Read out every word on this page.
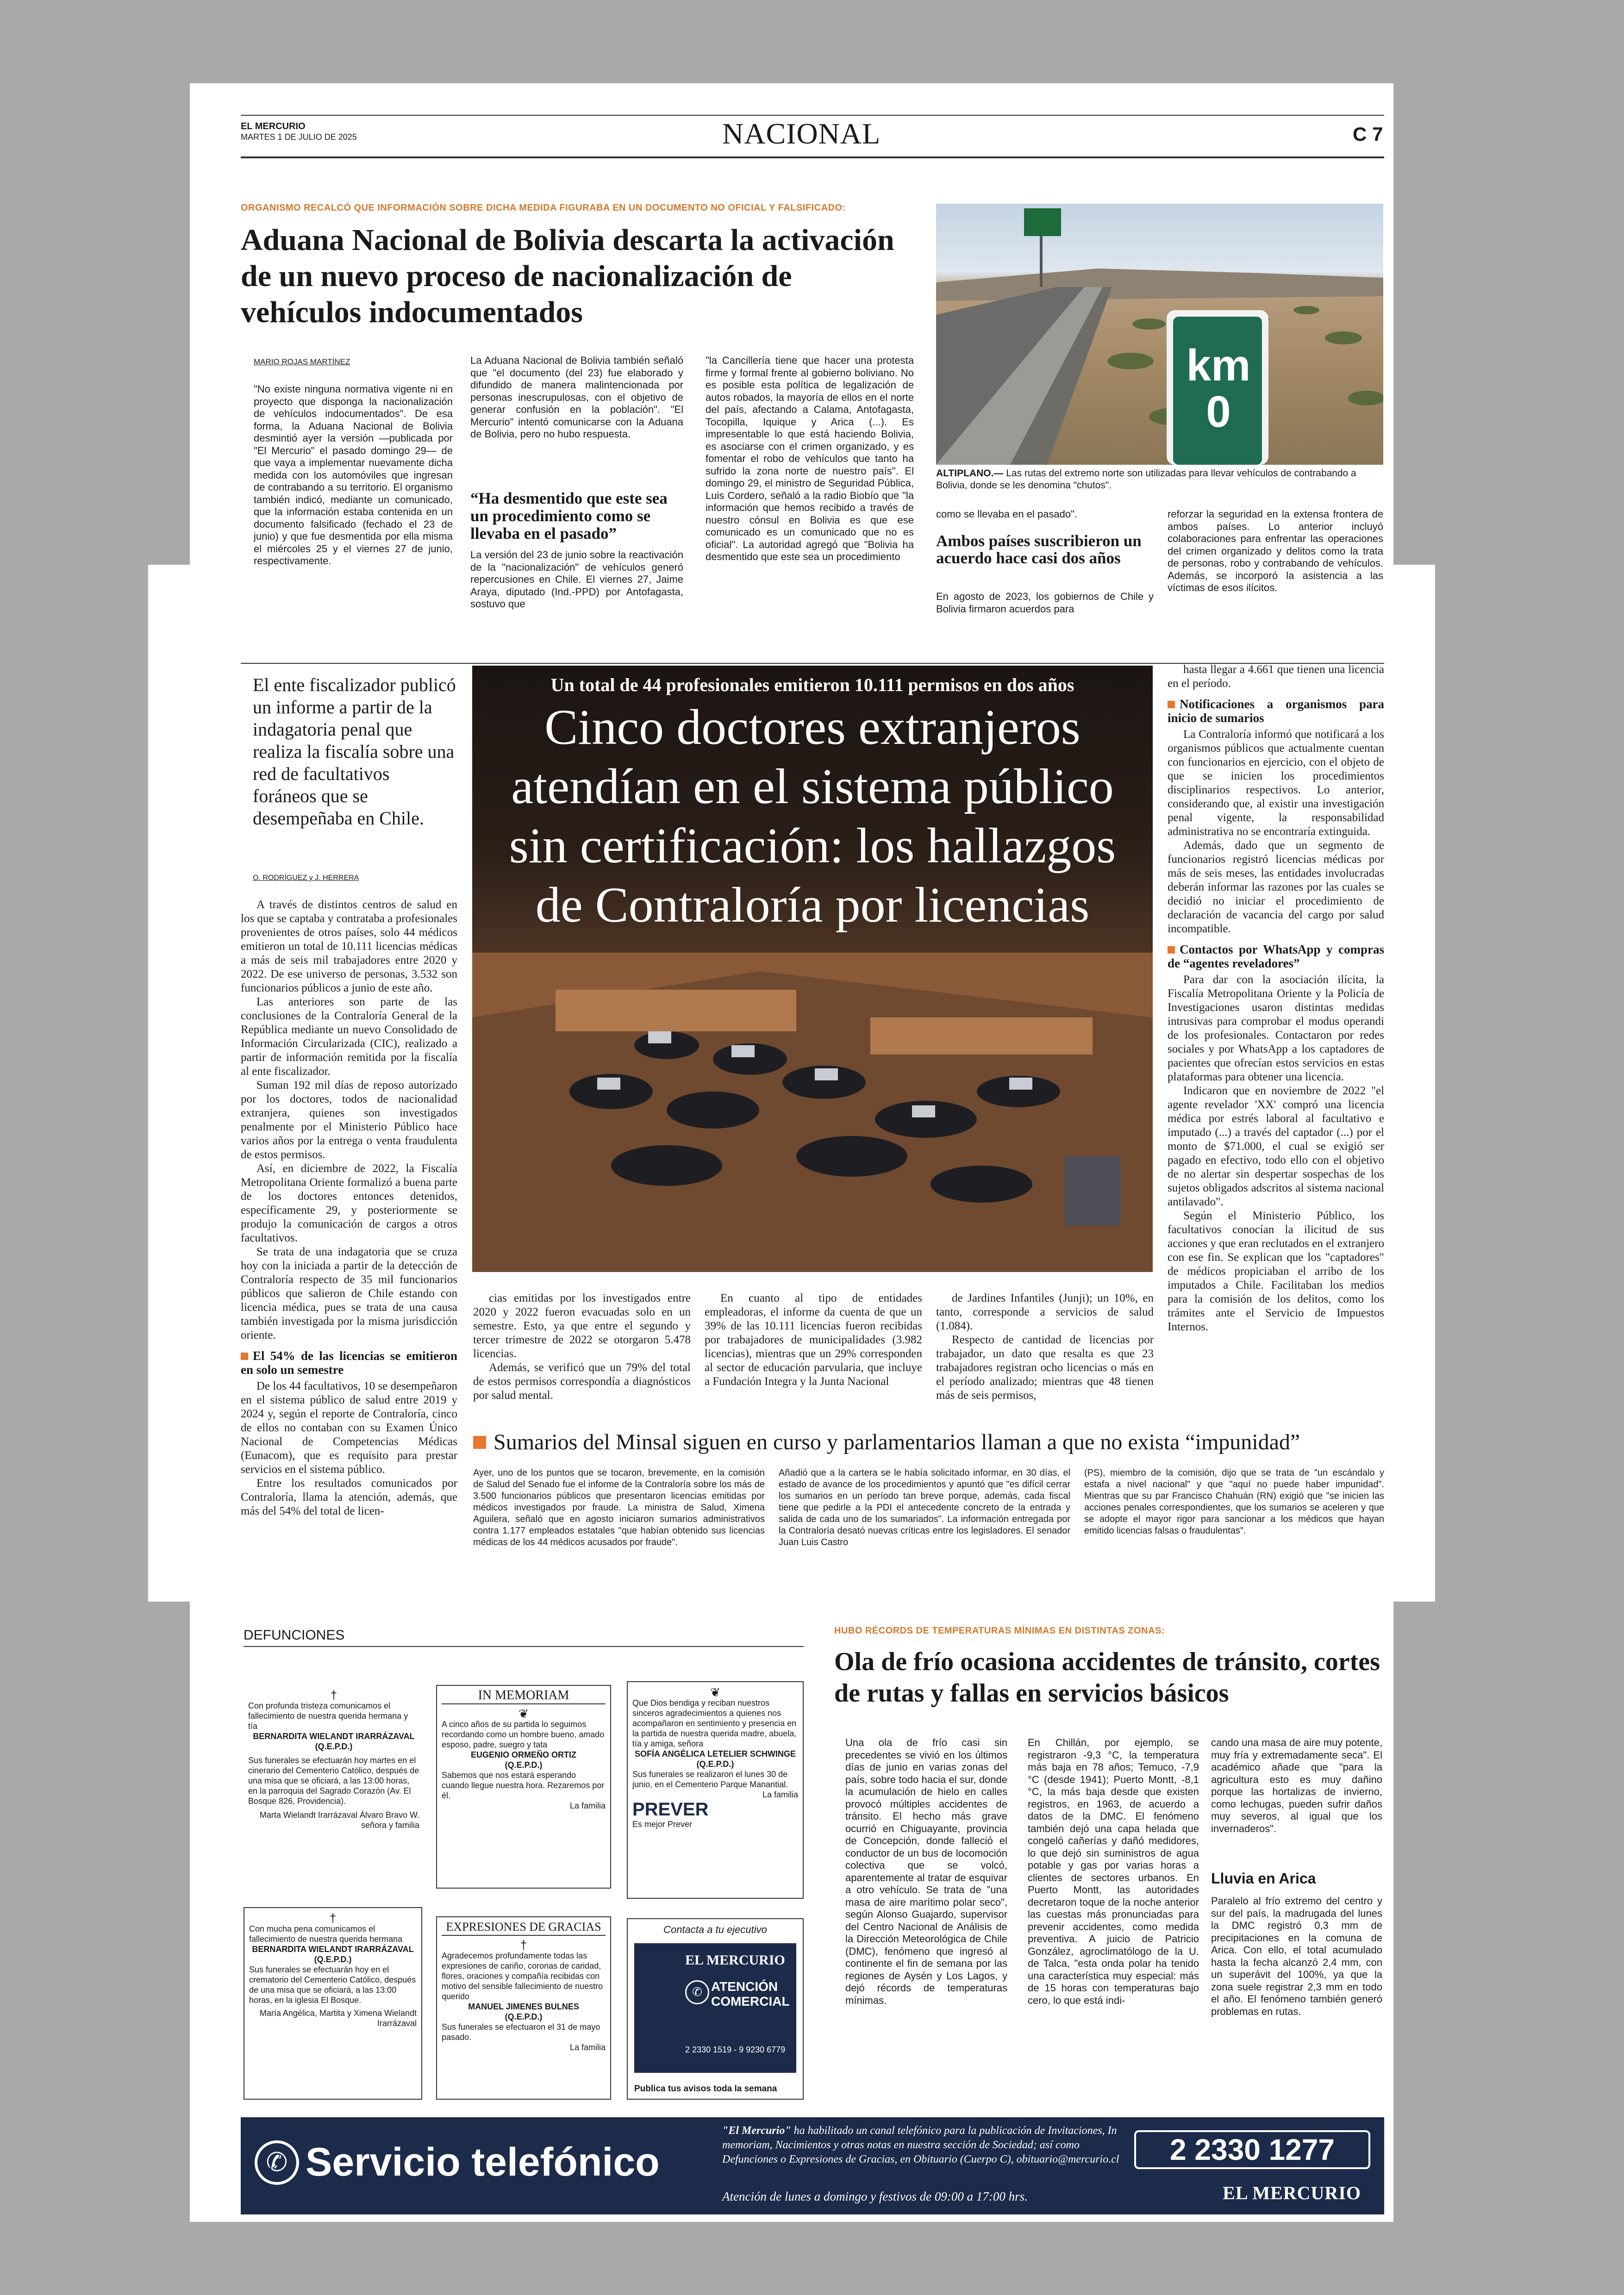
EL MERCURIO
MARTES 1 DE JULIO DE 2025	NACIONAL	C 7
ORGANISMO RECALCÓ QUE INFORMACIÓN SOBRE DICHA MEDIDA FIGURABA EN UN DOCUMENTO NO OFICIAL Y FALSIFICADO:
Aduana Nacional de Bolivia descarta la activación de un nuevo proceso de nacionalización de vehículos indocumentados
MARIO ROJAS MARTÍNEZ
"No existe ninguna normativa vigente ni en proyecto que disponga la nacionalización de vehículos indocumentados". De esa forma, la Aduana Nacional de Bolivia desmintió ayer la versión —publicada por "El Mercurio" el pasado domingo 29— de que vaya a implementar nuevamente dicha medida con los automóviles que ingresan de contrabando a su territorio. El organismo también indicó, mediante un comunicado, que la información estaba contenida en un documento falsificado (fechado el 23 de junio) y que fue desmentida por ella misma el miércoles 25 y el viernes 27 de junio, respectivamente.
La Aduana Nacional de Bolivia también señaló que "el documento (del 23) fue elaborado y difundido de manera malintencionada por personas inescrupulosas, con el objetivo de generar confusión en la población". "El Mercurio" intentó comunicarse con la Aduana de Bolivia, pero no hubo respuesta.
“Ha desmentido que este sea un procedimiento como se llevaba en el pasado”
La versión del 23 de junio sobre la reactivación de la "nacionalización" de vehículos generó repercusiones en Chile. El viernes 27, Jaime Araya, diputado (Ind.-PPD) por Antofagasta, sostuvo que
"la Cancillería tiene que hacer una protesta firme y formal frente al gobierno boliviano. No es posible esta política de legalización de autos robados, la mayoría de ellos en el norte del país, afectando a Calama, Antofagasta, Tocopilla, Iquique y Arica (...). Es impresentable lo que está haciendo Bolivia, es asociarse con el crimen organizado, y es fomentar el robo de vehículos que tanto ha sufrido la zona norte de nuestro país". El domingo 29, el ministro de Seguridad Pública, Luis Cordero, señaló a la radio Biobío que "la información que hemos recibido a través de nuestro cónsul en Bolivia es que ese comunicado es un comunicado que no es oficial". La autoridad agregó que "Bolivia ha desmentido que este sea un procedimiento
km 0
ALTIPLANO.— Las rutas del extremo norte son utilizadas para llevar vehículos de contrabando a Bolivia, donde se les denomina "chutos".
como se llevaba en el pasado".
Ambos países suscribieron un acuerdo hace casi dos años
En agosto de 2023, los gobiernos de Chile y Bolivia firmaron acuerdos para
reforzar la seguridad en la extensa frontera de ambos países. Lo anterior incluyó colaboraciones para enfrentar las operaciones del crimen organizado y delitos como la trata de personas, robo y contrabando de vehículos. Además, se incorporó la asistencia a las víctimas de esos ilícitos.
El ente fiscalizador publicó un informe a partir de la indagatoria penal que realiza la fiscalía sobre una red de facultativos foráneos que se desempeñaba en Chile.
O. RODRÍGUEZ y J. HERRERA

A través de distintos centros de salud en los que se captaba y contrataba a profesionales provenientes de otros países, solo 44 médicos emitieron un total de 10.111 licencias médicas a más de seis mil trabajadores entre 2020 y 2022. De ese universo de personas, 3.532 son funcionarios públicos a junio de este año.

Las anteriores son parte de las conclusiones de la Contraloría General de la República mediante un nuevo Consolidado de Información Circularizada (CIC), realizado a partir de información remitida por la fiscalía al ente fiscalizador.

Suman 192 mil días de reposo autorizado por los doctores, todos de nacionalidad extranjera, quienes son investigados penalmente por el Ministerio Público hace varios años por la entrega o venta fraudulenta de estos permisos.

Así, en diciembre de 2022, la Fiscalía Metropolitana Oriente formalizó a buena parte de los doctores entonces detenidos, específicamente 29, y posteriormente se produjo la comunicación de cargos a otros facultativos.

Se trata de una indagatoria que se cruza hoy con la iniciada a partir de la detección de Contraloría respecto de 35 mil funcionarios públicos que salieron de Chile estando con licencia médica, pues se trata de una causa también investigada por la misma jurisdicción oriente.

El 54% de las licencias se emitieron en solo un semestre

De los 44 facultativos, 10 se desempeñaron en el sistema público de salud entre 2019 y 2024 y, según el reporte de Contraloría, cinco de ellos no contaban con su Examen Único Nacional de Competencias Médicas (Eunacom), que es requisito para prestar servicios en el sistema público.

Entre los resultados comunicados por Contraloría, llama la atención, además, que más del 54% del total de licen-

Un total de 44 profesionales emitieron 10.111 permisos en dos años
Cinco doctores extranjeros atendían en el sistema público sin certificación: los hallazgos de Contraloría por licencias

cias emitidas por los investigados entre 2020 y 2022 fueron evacuadas solo en un semestre. Esto, ya que entre el segundo y tercer trimestre de 2022 se otorgaron 5.478 licencias.

Además, se verificó que un 79% del total de estos permisos correspondía a diagnósticos por salud mental.

En cuanto al tipo de entidades empleadoras, el informe da cuenta de que un 39% de las 10.111 licencias fueron recibidas por trabajadores de municipalidades (3.982 licencias), mientras que un 29% corresponden al sector de educación parvularia, que incluye a Fundación Integra y la Junta Nacional

de Jardines Infantiles (Junji); un 10%, en tanto, corresponde a servicios de salud (1.084).

Respecto de cantidad de licencias por trabajador, un dato que resalta es que 23 trabajadores registran ocho licencias o más en el período analizado; mientras que 48 tienen más de seis permisos,

hasta llegar a 4.661 que tienen una licencia en el período.

Notificaciones a organismos para inicio de sumarios

La Contraloría informó que notificará a los organismos públicos que actualmente cuentan con funcionarios en ejercicio, con el objeto de que se inicien los procedimientos disciplinarios respectivos. Lo anterior, considerando que, al existir una investigación penal vigente, la responsabilidad administrativa no se encontraría extinguida.

Además, dado que un segmento de funcionarios registró licencias médicas por más de seis meses, las entidades involucradas deberán informar las razones por las cuales se decidió no iniciar el procedimiento de declaración de vacancia del cargo por salud incompatible.

Contactos por WhatsApp y compras de “agentes reveladores”

Para dar con la asociación ilícita, la Fiscalía Metropolitana Oriente y la Policía de Investigaciones usaron distintas medidas intrusivas para comprobar el modus operandi de los profesionales. Contactaron por redes sociales y por WhatsApp a los captadores de pacientes que ofrecían estos servicios en estas plataformas para obtener una licencia.

Indicaron que en noviembre de 2022 "el agente revelador 'XX' compró una licencia médica por estrés laboral al facultativo e imputado (...) a través del captador (...) por el monto de $71.000, el cual se exigió ser pagado en efectivo, todo ello con el objetivo de no alertar sin despertar sospechas de los sujetos obligados adscritos al sistema nacional antilavado".

Según el Ministerio Público, los facultativos conocían la ilicitud de sus acciones y que eran reclutados en el extranjero con ese fin. Se explican que los "captadores" de médicos propiciaban el arribo de los imputados a Chile. Facilitaban los medios para la comisión de los delitos, como los trámites ante el Servicio de Impuestos Internos.

Sumarios del Minsal siguen en curso y parlamentarios llaman a que no exista “impunidad”
Ayer, uno de los puntos que se tocaron, brevemente, en la comisión de Salud del Senado fue el informe de la Contraloría sobre los más de 3.500 funcionarios públicos que presentaron licencias emitidas por médicos investigados por fraude. La ministra de Salud, Ximena Aguilera, señaló que en agosto iniciaron sumarios administrativos contra 1.177 empleados estatales "que habían obtenido sus licencias médicas de los 44 médicos acusados por fraude".
Añadió que a la cartera se le había solicitado informar, en 30 días, el estado de avance de los procedimientos y apuntó que "es difícil cerrar los sumarios en un período tan breve porque, además, cada fiscal tiene que pedirle a la PDI el antecedente concreto de la entrada y salida de cada uno de los sumariados". La información entregada por la Contraloría desató nuevas críticas entre los legisladores. El senador Juan Luis Castro
(PS), miembro de la comisión, dijo que se trata de "un escándalo y estafa a nivel nacional" y que "aquí no puede haber impunidad". Mientras que su par Francisco Chahuán (RN) exigió que "se inicien las acciones penales correspondientes, que los sumarios se aceleren y que se adopte el mayor rigor para sancionar a los médicos que hayan emitido licencias falsas o fraudulentas".
DEFUNCIONES
†
Con profunda tristeza comunicamos el fallecimiento de nuestra querida hermana y tía
BERNARDITA WIELANDT IRARRÁZAVAL
(Q.E.P.D.)
Sus funerales se efectuarán hoy martes en el cinerario del Cementerio Católico, después de una misa que se oficiará, a las 13:00 horas, en la parroquia del Sagrado Corazón (Av. El Bosque 826, Providencia).
Marta Wielandt Irarrázaval Álvaro Bravo W. señora y familia
IN MEMORIAM
❦
A cinco años de su partida lo seguimos recordando como un hombre bueno, amado esposo, padre, suegro y tata
EUGENIO ORMEÑO ORTIZ
(Q.E.P.D.)
Sabemos que nos estará esperando cuando llegue nuestra hora. Rezaremos por él.
La familia
❦
Que Dios bendiga y reciban nuestros sinceros agradecimientos a quienes nos acompañaron en sentimiento y presencia en la partida de nuestra querida madre, abuela, tía y amiga, señora
SOFÍA ANGÉLICA LETELIER SCHWINGE
(Q.E.P.D.)
Sus funerales se realizaron el lunes 30 de junio, en el Cementerio Parque Manantial.
La familia
PREVER
Es mejor Prever
†
Con mucha pena comunicamos el fallecimiento de nuestra querida hermana
BERNARDITA WIELANDT IRARRÁZAVAL
(Q.E.P.D.)
Sus funerales se efectuarán hoy en el crematorio del Cementerio Católico, después de una misa que se oficiará, a las 13:00 horas, en la iglesia El Bosque.
María Angélica, Martita y Ximena Wielandt Irarrázaval
EXPRESIONES DE GRACIAS
†
Agradecemos profundamente todas las expresiones de cariño, coronas de caridad, flores, oraciones y compañía recibidas con motivo del sensible fallecimiento de nuestro querido
MANUEL JIMENES BULNES
(Q.E.P.D.)
Sus funerales se efectuaron el 31 de mayo pasado.
La familia
Contacta a tu ejecutivo
EL MERCURIO
✆ ATENCIÓN COMERCIAL
2 2330 1519 - 9 9230 6779
Publica tus avisos toda la semana
HUBO RÉCORDS DE TEMPERATURAS MÍNIMAS EN DISTINTAS ZONAS:
Ola de frío ocasiona accidentes de tránsito, cortes de rutas y fallas en servicios básicos
Una ola de frío casi sin precedentes se vivió en los últimos días de junio en varias zonas del país, sobre todo hacia el sur, donde la acumulación de hielo en calles provocó múltiples accidentes de tránsito. El hecho más grave ocurrió en Chiguayante, provincia de Concepción, donde falleció el conductor de un bus de locomoción colectiva que se volcó, aparentemente al tratar de esquivar a otro vehículo. Se trata de "una masa de aire marítimo polar seco", según Alonso Guajardo, supervisor del Centro Nacional de Análisis de la Dirección Meteorológica de Chile (DMC), fenómeno que ingresó al continente el fin de semana por las regiones de Aysén y Los Lagos, y dejó récords de temperaturas mínimas.
En Chillán, por ejemplo, se registraron -9,3 °C, la temperatura más baja en 78 años; Temuco, -7,9 °C (desde 1941); Puerto Montt, -8,1 °C, la más baja desde que existen registros, en 1963, de acuerdo a datos de la DMC. El fenómeno también dejó una capa helada que congeló cañerías y dañó medidores, lo que dejó sin suministros de agua potable y gas por varias horas a clientes de sectores urbanos. En Puerto Montt, las autoridades decretaron toque de la noche anterior las cuestas más pronunciadas para prevenir accidentes, como medida preventiva. A juicio de Patricio González, agroclimatólogo de la U. de Talca, "esta onda polar ha tenido una característica muy especial: más de 15 horas con temperaturas bajo cero, lo que está indi-
cando una masa de aire muy potente, muy fría y extremadamente seca". El académico añade que "para la agricultura esto es muy dañino porque las hortalizas de invierno, como lechugas, pueden sufrir daños muy severos, al igual que los invernaderos".
Lluvia en Arica
Paralelo al frío extremo del centro y sur del país, la madrugada del lunes la DMC registró 0,3 mm de precipitaciones en la comuna de Arica. Con ello, el total acumulado hasta la fecha alcanzó 2,4 mm, con un superávit del 100%, ya que la zona suele registrar 2,3 mm en todo el año. El fenómeno también generó problemas en rutas.
✆ Servicio telefónico
"El Mercurio" ha habilitado un canal telefónico para la publicación de Invitaciones, In memoriam, Nacimientos y otras notas en nuestra sección de Sociedad; así como Defunciones o Expresiones de Gracias, en Obituario (Cuerpo C), obituario@mercurio.cl
Atención de lunes a domingo y festivos de 09:00 a 17:00 hrs.
2 2330 1277
EL MERCURIO
